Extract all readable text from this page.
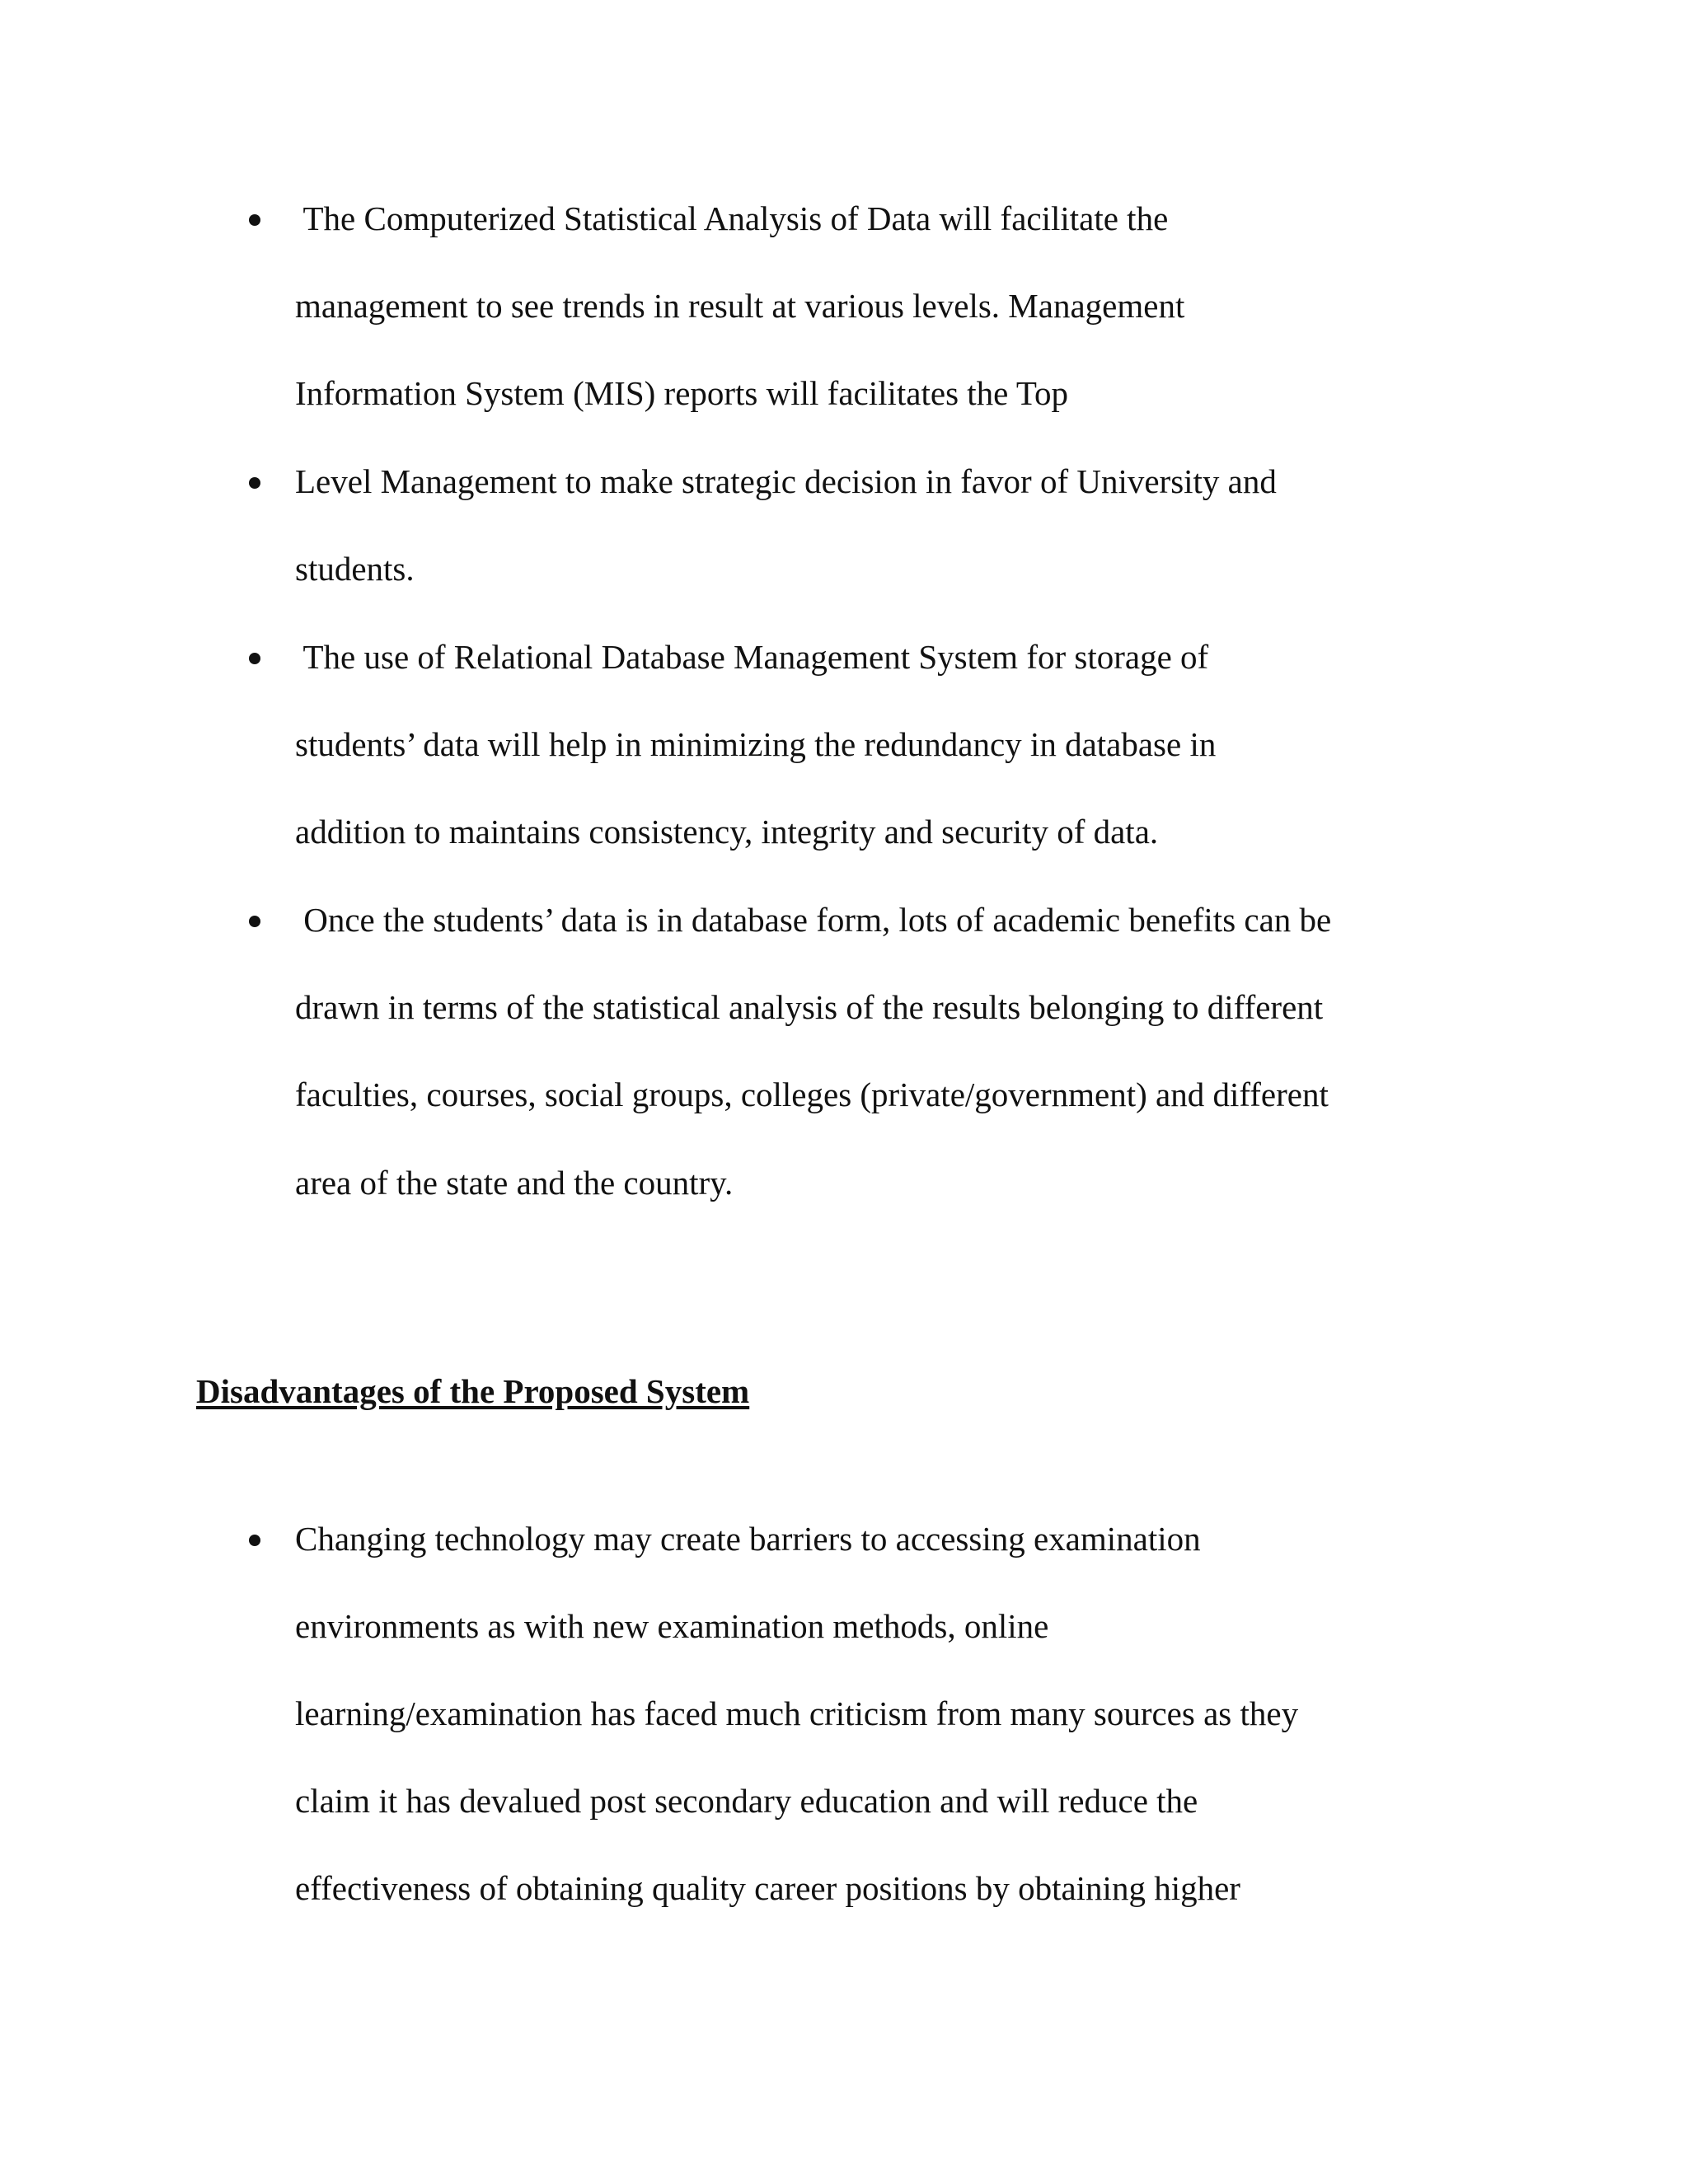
The Computerized Statistical Analysis of Data will facilitate the
management to see trends in result at various levels. Management
Information System (MIS) reports will facilitates the Top
Level Management to make strategic decision in favor of University and
students.
The use of Relational Database Management System for storage of
students’ data will help in minimizing the redundancy in database in
addition to maintains consistency, integrity and security of data.
Once the students’ data is in database form, lots of academic benefits can be
drawn in terms of the statistical analysis of the results belonging to different
faculties, courses, social groups, colleges (private/government) and different
area of the state and the country.
Disadvantages of the Proposed System
Changing technology may create barriers to accessing examination
environments as with new examination methods, online
learning/examination has faced much criticism from many sources as they
claim it has devalued post secondary education and will reduce the
effectiveness of obtaining quality career positions by obtaining higher
